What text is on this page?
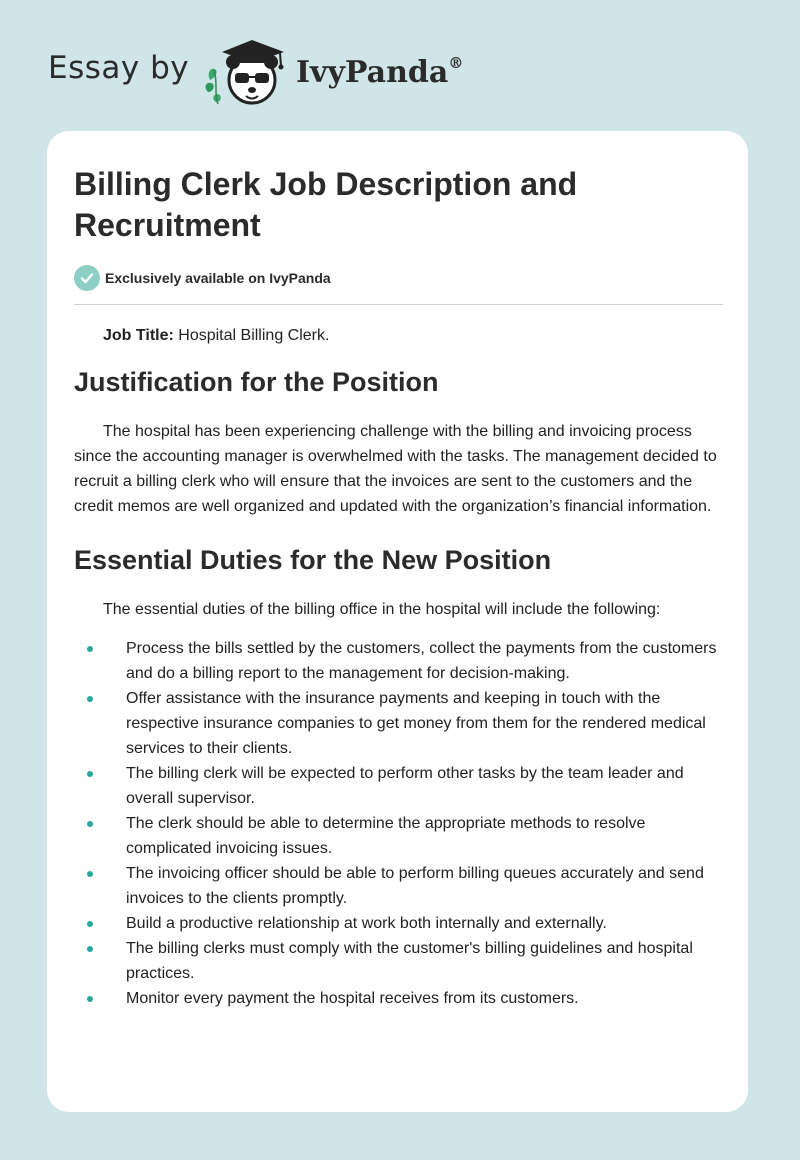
Essay by	IvyPanda®
Billing Clerk Job Description and Recruitment
Exclusively available on IvyPanda
Job Title: Hospital Billing Clerk.
Justification for the Position

The hospital has been experiencing challenge with the billing and invoicing process since the accounting manager is overwhelmed with the tasks. The management decided to recruit a billing clerk who will ensure that the invoices are sent to the customers and the credit memos are well organized and updated with the organization’s financial information.

Essential Duties for the New Position

The essential duties of the billing office in the hospital will include the following:

Process the bills settled by the customers, collect the payments from the customers and do a billing report to the management for decision-making.
Offer assistance with the insurance payments and keeping in touch with the respective insurance companies to get money from them for the rendered medical services to their clients.
The billing clerk will be expected to perform other tasks by the team leader and overall supervisor.
The clerk should be able to determine the appropriate methods to resolve complicated invoicing issues.
The invoicing officer should be able to perform billing queues accurately and send invoices to the clients promptly.
Build a productive relationship at work both internally and externally.
The billing clerks must comply with the customer's billing guidelines and hospital practices.
Monitor every payment the hospital receives from its customers.
